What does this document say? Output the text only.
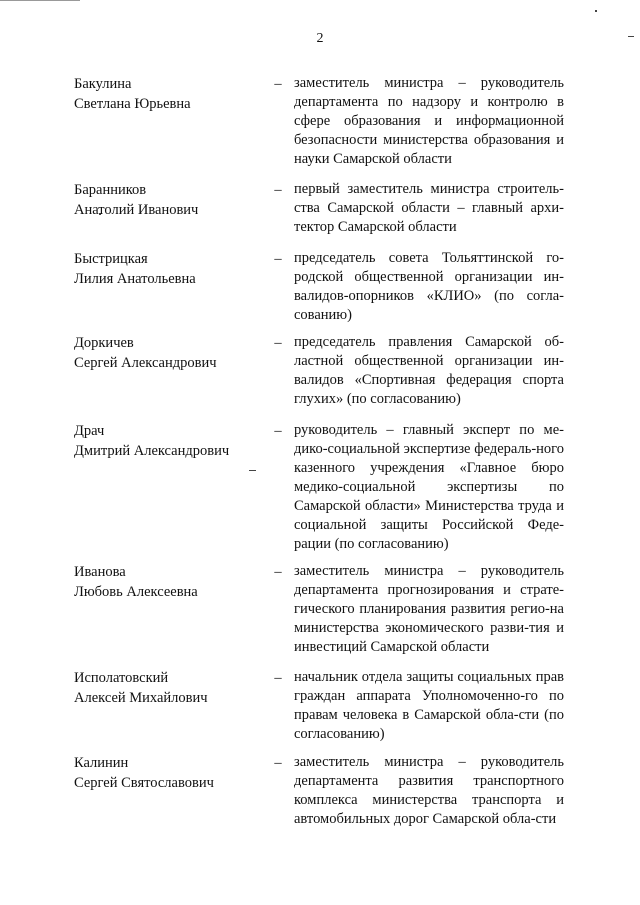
2
Бакулина
Светлана Юрьевна
– заместитель министра – руководитель департамента по надзору и контролю в сфере образования и информационной безопасности министерства образования и науки Самарской области
Баранников
Анатолий Иванович
– первый заместитель министра строитель-ства Самарской области – главный архи-тектор Самарской области
Быстрицкая
Лилия Анатольевна
– председатель совета Тольяттинской го-родской общественной организации ин-валидов-опорников «КЛИО» (по согла-сованию)
Доркичев
Сергей Александрович
– председатель правления Самарской об-ластной общественной организации ин-валидов «Спортивная федерация спорта глухих» (по согласованию)
Драч
Дмитрий Александрович
– руководитель – главный эксперт по ме-дико-социальной экспертизе федераль-ного казенного учреждения «Главное бюро медико-социальной экспертизы по Самарской области» Министерства труда и социальной защиты Российской Феде-рации (по согласованию)
Иванова
Любовь Алексеевна
– заместитель министра – руководитель департамента прогнозирования и страте-гического планирования развития регио-на министерства экономического разви-тия и инвестиций Самарской области
Исполатовский
Алексей Михайлович
– начальник отдела защиты социальных прав граждан аппарата Уполномоченно-го по правам человека в Самарской обла-сти (по согласованию)
Калинин
Сергей Святославович
– заместитель министра – руководитель департамента развития транспортного комплекса министерства транспорта и автомобильных дорог Самарской обла-сти
